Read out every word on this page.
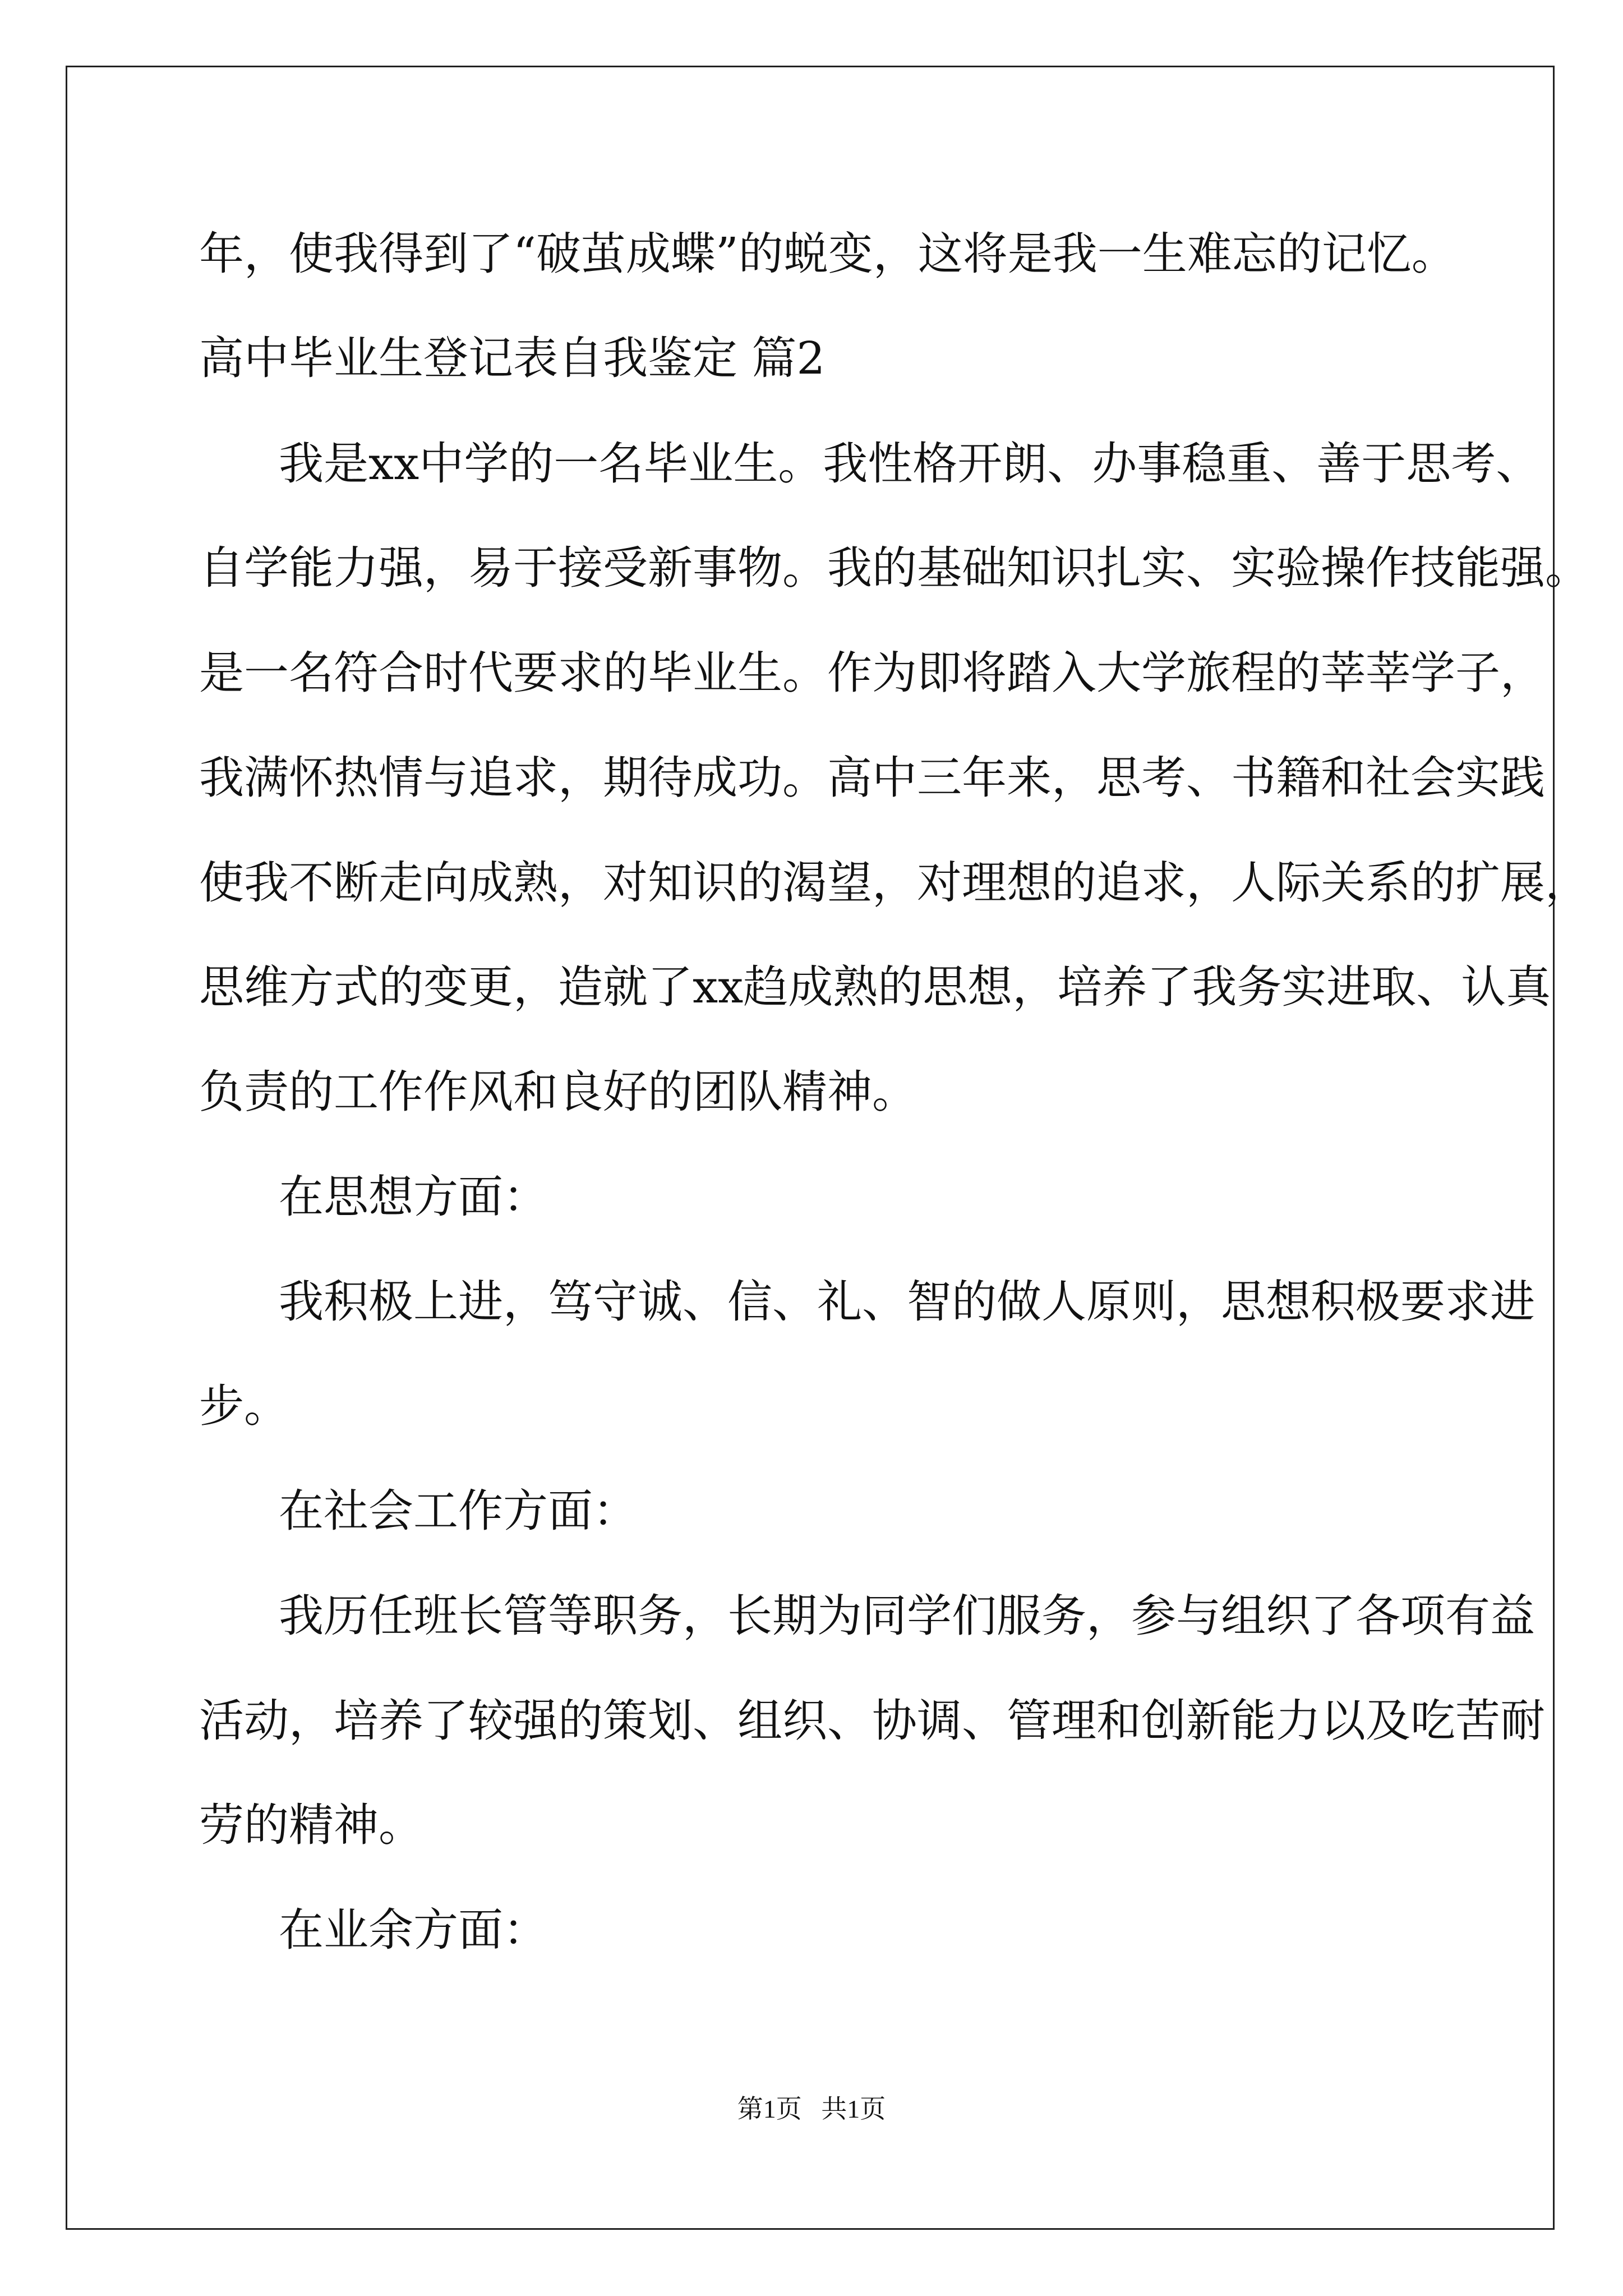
年，使我得到了“破茧成蝶”的蜕变，这将是我一生难忘的记忆。

高中毕业生登记表自我鉴定 篇2

我是xx中学的一名毕业生。我性格开朗、办事稳重、善于思考、

自学能力强，易于接受新事物。我的基础知识扎实、实验操作技能强。

是一名符合时代要求的毕业生。作为即将踏入大学旅程的莘莘学子，

我满怀热情与追求，期待成功。高中三年来，思考、书籍和社会实践

使我不断走向成熟，对知识的渴望，对理想的追求，人际关系的扩展，

思维方式的变更，造就了xx趋成熟的思想，培养了我务实进取、认真

负责的工作作风和良好的团队精神。

在思想方面：

我积极上进，笃守诚、信、礼、智的做人原则，思想积极要求进

步。

在社会工作方面：

我历任班长管等职务，长期为同学们服务，参与组织了各项有益

活动，培养了较强的策划、组织、协调、管理和创新能力以及吃苦耐

劳的精神。

在业余方面：

第1页   共1页
